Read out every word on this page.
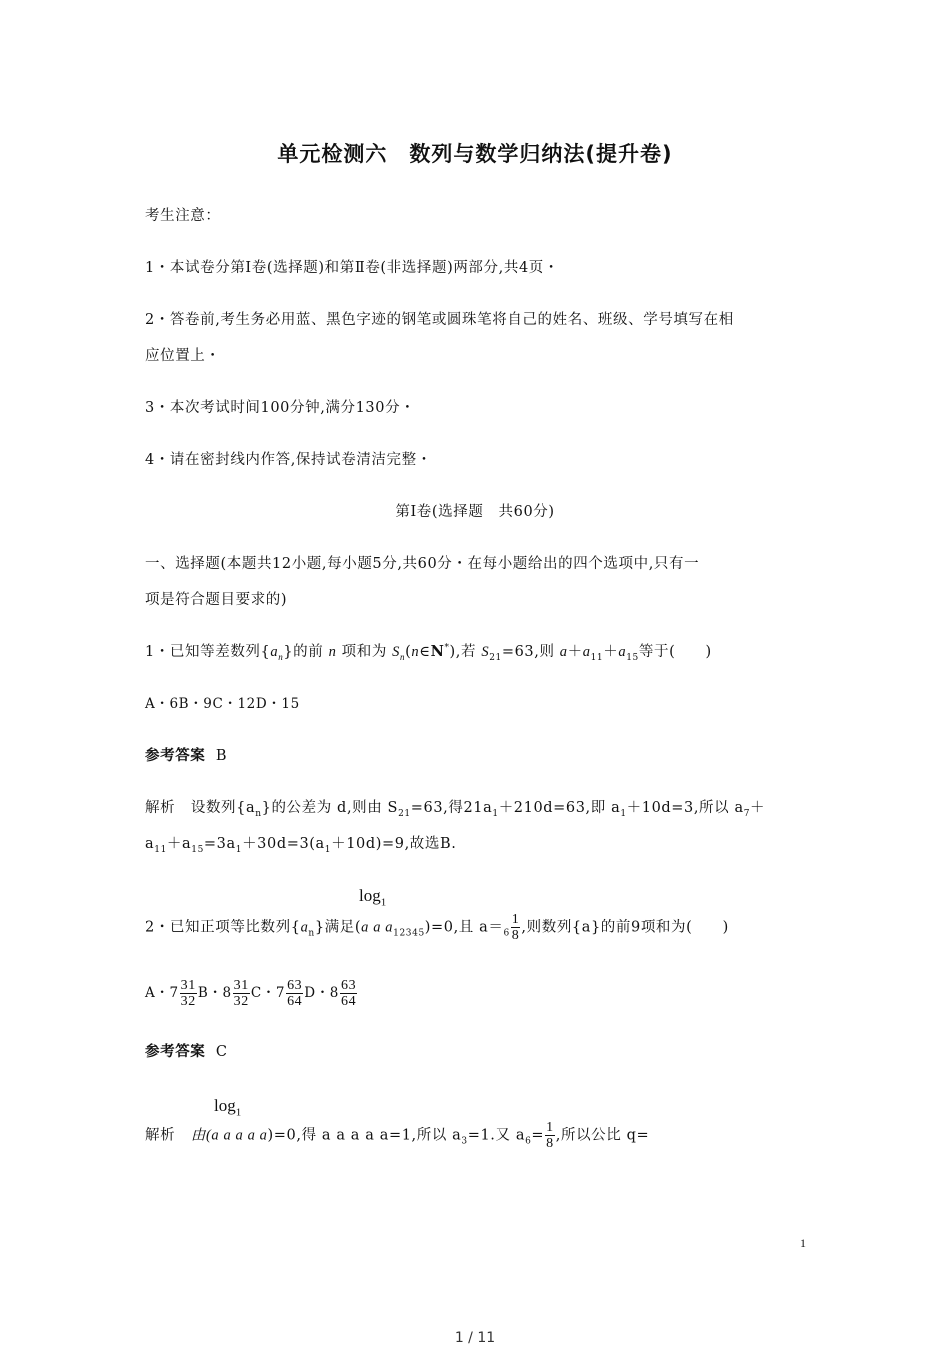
单元检测六　数列与数学归纳法(提升卷)
考生注意：
1・本试卷分第Ⅰ卷(选择题)和第Ⅱ卷(非选择题)两部分,共4页・
2・答卷前,考生务必用蓝、黑色字迹的钢笔或圆珠笔将自己的姓名、班级、学号填写在相
应位置上・
3・本次考试时间100分钟,满分130分・
4・请在密封线内作答,保持试卷清洁完整・
第Ⅰ卷(选择题　共60分)
一、选择题(本题共12小题,每小题5分,共60分・在每小题给出的四个选项中,只有一
项是符合题目要求的)
1・已知等差数列$\{a_n\}$的前 n 项和为 $S_n(n\in N^*)$,若 $S_{21}=63$,则 $a+a_{11}+a_{15}$等于(　　)
A・6B・9C・12D・15
参考答案 B
解析 设数列$\{a_n\}$的公差为 d,则由 $S_{21}=63$,得$21a_1+210d=63$,即 $a_1+10d=3$,所以 $a_7+$
$a_{11}+a_{15}=3a_1+30d=3(a_1+10d)=9$,故选B.
$\log_1$
2・已知正项等比数列$\{a_n\}$满足(a a $a_{12345})=0$,且 $a=_6 \frac{1}{8}$ ,则数列{a}的前9项和为(　　)
A・$7 \frac{31}{32}$ B・$8 \frac{31}{32}$ C・$7 \frac{63}{64}$ D・$8 \frac{63}{64}$
参考答案 C
$\log_1$
解析 由(a a a a a)=0,得 a a a a a=1,所以 $a_3=1$.又 $a_6= \frac{1}{8}$ ,所以公比 q=
1
1 / 11
